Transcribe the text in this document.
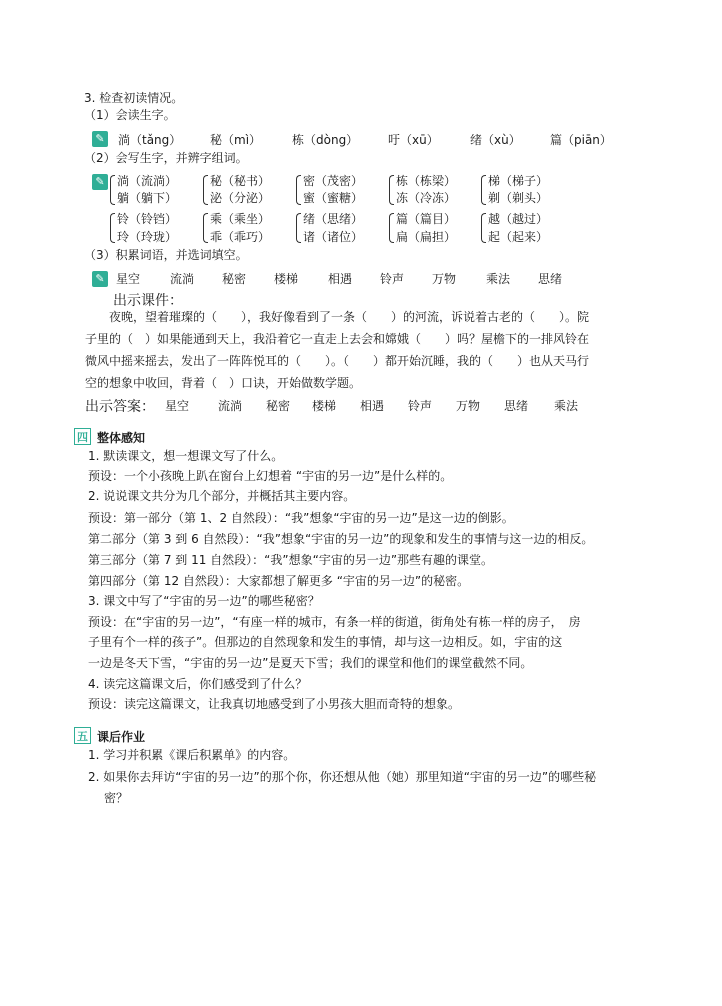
3. 检查初读情况。
（1）会读生字。
✎ 淌（tǎng） 秘（mì）	栋（dòng） 吁（xū）	绪（xù） 篇（piān）
（2）会写生字，并辨字组词。
✎ 淌（流淌）
躺（躺下）
秘（秘书）
泌（分泌）
密（茂密）
蜜（蜜糖）
栋（栋梁）
冻（冷冻）
梯（梯子）
剃（剃头）
铃（铃铛）
玲（玲珑）
乘（乘坐）
乖（乖巧）
绪（思绪）
诸（诸位）
篇（篇目）
扁（扁担）
越（越过）
起（起来）
（3）积累词语，并选词填空。
✎ 星空 流淌 秘密 楼梯 相遇 铃声 万物 乘法 思绪
出示课件：
夜晚，望着璀璨的（　　），我好像看到了一条（　　）的河流，诉说着古老的（　　）。院
子里的（　）如果能通到天上，我沿着它一直走上去会和嫦娥（　　）吗？屋檐下的一排风铃在
微风中摇来摇去，发出了一阵阵悦耳的（　　）。（　　）都开始沉睡，我的（　　）也从天马行
空的想象中收回，背着（　）口诀，开始做数学题。
出示答案： 星空 流淌 秘密 楼梯 相遇 铃声 万物 思绪 乘法
四 整体感知
1. 默读课文，想一想课文写了什么。
预设：一个小孩晚上趴在窗台上幻想着 “宇宙的另一边”是什么样的。
2. 说说课文共分为几个部分，并概括其主要内容。
预设：第一部分（第 1、2 自然段）：“我”想象“宇宙的另一边”是这一边的倒影。
第二部分（第 3 到 6 自然段）：“我”想象“宇宙的另一边”的现象和发生的事情与这一边的相反。
第三部分（第 7 到 11 自然段）：“我”想象“宇宙的另一边”那些有趣的课堂。
第四部分（第 12 自然段）：大家都想了解更多 “宇宙的另一边”的秘密。
3. 课文中写了“宇宙的另一边”的哪些秘密？
预设：在“宇宙的另一边”，“有座一样的城市，有条一样的街道，街角处有栋一样的房子，　房
子里有个一样的孩子”。但那边的自然现象和发生的事情，却与这一边相反。如，宇宙的这
一边是冬天下雪，“宇宙的另一边”是夏天下雪；我们的课堂和他们的课堂截然不同。
4. 读完这篇课文后，你们感受到了什么？
预设：读完这篇课文，让我真切地感受到了小男孩大胆而奇特的想象。
五 课后作业
1. 学习并积累《课后积累单》的内容。
2. 如果你去拜访“宇宙的另一边”的那个你，你还想从他（她）那里知道“宇宙的另一边”的哪些秘
密？
